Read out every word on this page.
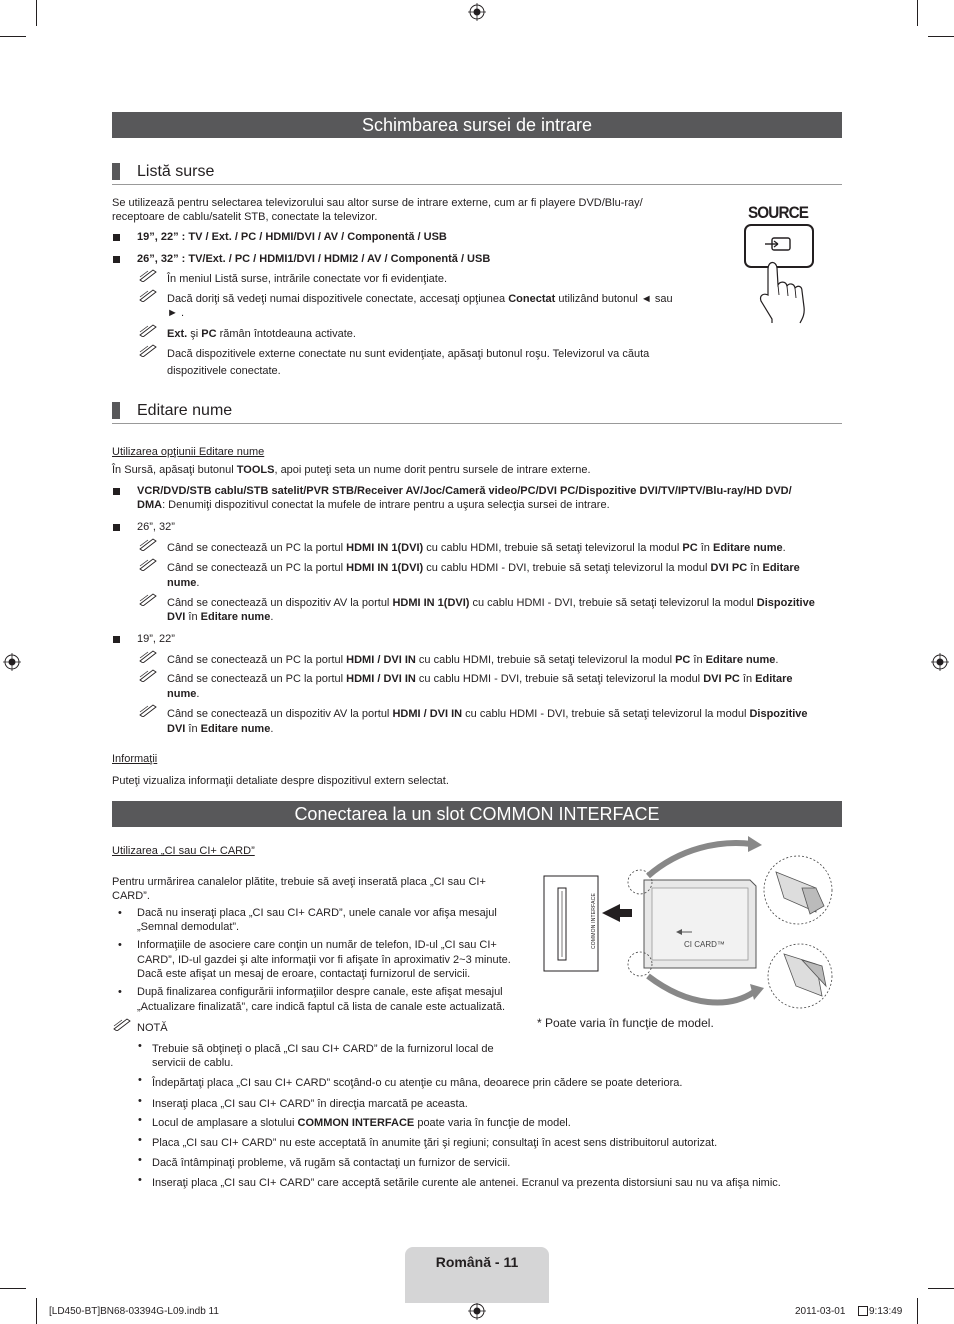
Schimbarea sursei de intrare
Listă surse
Se utilizează pentru selectarea televizorului sau altor surse de intrare externe, cum ar fi playere DVD/Blu-ray/
receptoare de cablu/satelit STB, conectate la televizor.
19”, 22” : TV / Ext. / PC / HDMI/DVI / AV / Componentă / USB
26”, 32” : TV/Ext. / PC / HDMI1/DVI / HDMI2 / AV / Componentă / USB
În meniul Listă surse, intrările conectate vor fi evidenţiate.
Dacă doriţi să vedeţi numai dispozitivele conectate, accesaţi opţiunea Conectat utilizând butonul ◄ sau
► .
Ext. şi PC rămân întotdeauna activate.
Dacă dispozitivele externe conectate nu sunt evidenţiate, apăsaţi butonul roşu. Televizorul va căuta
dispozitivele conectate.
SOURCE
Editare nume
Utilizarea opţiunii Editare nume
În Sursă, apăsaţi butonul TOOLS, apoi puteţi seta un nume dorit pentru sursele de intrare externe.
VCR/DVD/STB cablu/STB satelit/PVR STB/Receiver AV/Joc/Cameră video/PC/DVI PC/Dispozitive DVI/TV/IPTV/Blu-ray/HD DVD/
DMA: Denumiţi dispozitivul conectat la mufele de intrare pentru a uşura selecţia sursei de intrare.
26”, 32”
Când se conectează un PC la portul HDMI IN 1(DVI) cu cablu HDMI, trebuie să setaţi televizorul la modul PC în Editare nume.
Când se conectează un PC la portul HDMI IN 1(DVI) cu cablu HDMI - DVI, trebuie să setaţi televizorul la modul DVI PC în Editare
nume.
Când se conectează un dispozitiv AV la portul HDMI IN 1(DVI) cu cablu HDMI - DVI, trebuie să setaţi televizorul la modul Dispozitive
DVI în Editare nume.
19”, 22”
Când se conectează un PC la portul HDMI / DVI IN cu cablu HDMI, trebuie să setaţi televizorul la modul PC în Editare nume.
Când se conectează un PC la portul HDMI / DVI IN cu cablu HDMI - DVI, trebuie să setaţi televizorul la modul DVI PC în Editare
nume.
Când se conectează un dispozitiv AV la portul HDMI / DVI IN cu cablu HDMI - DVI, trebuie să setaţi televizorul la modul Dispozitive
DVI în Editare nume.
Informaţii
Puteţi vizualiza informaţii detaliate despre dispozitivul extern selectat.
Conectarea la un slot COMMON INTERFACE
Utilizarea „CI sau CI+ CARD”
Pentru urmărirea canalelor plătite, trebuie să aveţi inserată placa „CI sau CI+
CARD”.
• Dacă nu inseraţi placa „CI sau CI+ CARD”, unele canale vor afişa mesajul
„Semnal demodulat”.
• Informaţiile de asociere care conţin un număr de telefon, ID-ul „CI sau CI+
CARD”, ID-ul gazdei şi alte informaţii vor fi afişate în aproximativ 2~3 minute.
Dacă este afişat un mesaj de eroare, contactaţi furnizorul de servicii.
• După finalizarea configurării informaţiilor despre canale, este afişat mesajul
„Actualizare finalizată”, care indică faptul că lista de canale este actualizată.
NOTĂ
• Trebuie să obţineţi o placă „CI sau CI+ CARD” de la furnizorul local de
servicii de cablu.
• Îndepărtaţi placa „CI sau CI+ CARD” scoţând-o cu atenţie cu mâna, deoarece prin cădere se poate deteriora.
• Inseraţi placa „CI sau CI+ CARD” în direcţia marcată pe aceasta.
• Locul de amplasare a slotului COMMON INTERFACE poate varia în funcţie de model.
• Placa „CI sau CI+ CARD” nu este acceptată în anumite ţări şi regiuni; consultaţi în acest sens distribuitorul autorizat.
• Dacă întâmpinaţi probleme, vă rugăm să contactaţi un furnizor de servicii.
• Inseraţi placa „CI sau CI+ CARD” care acceptă setările curente ale antenei. Ecranul va prezenta distorsiuni sau nu va afişa nimic.
COMMON INTERFACE	CI CARD™
* Poate varia în funcţie de model.
Română - 11
[LD450-BT]BN68-03394G-L09.indb 11	2011-03-01 9:13:49
